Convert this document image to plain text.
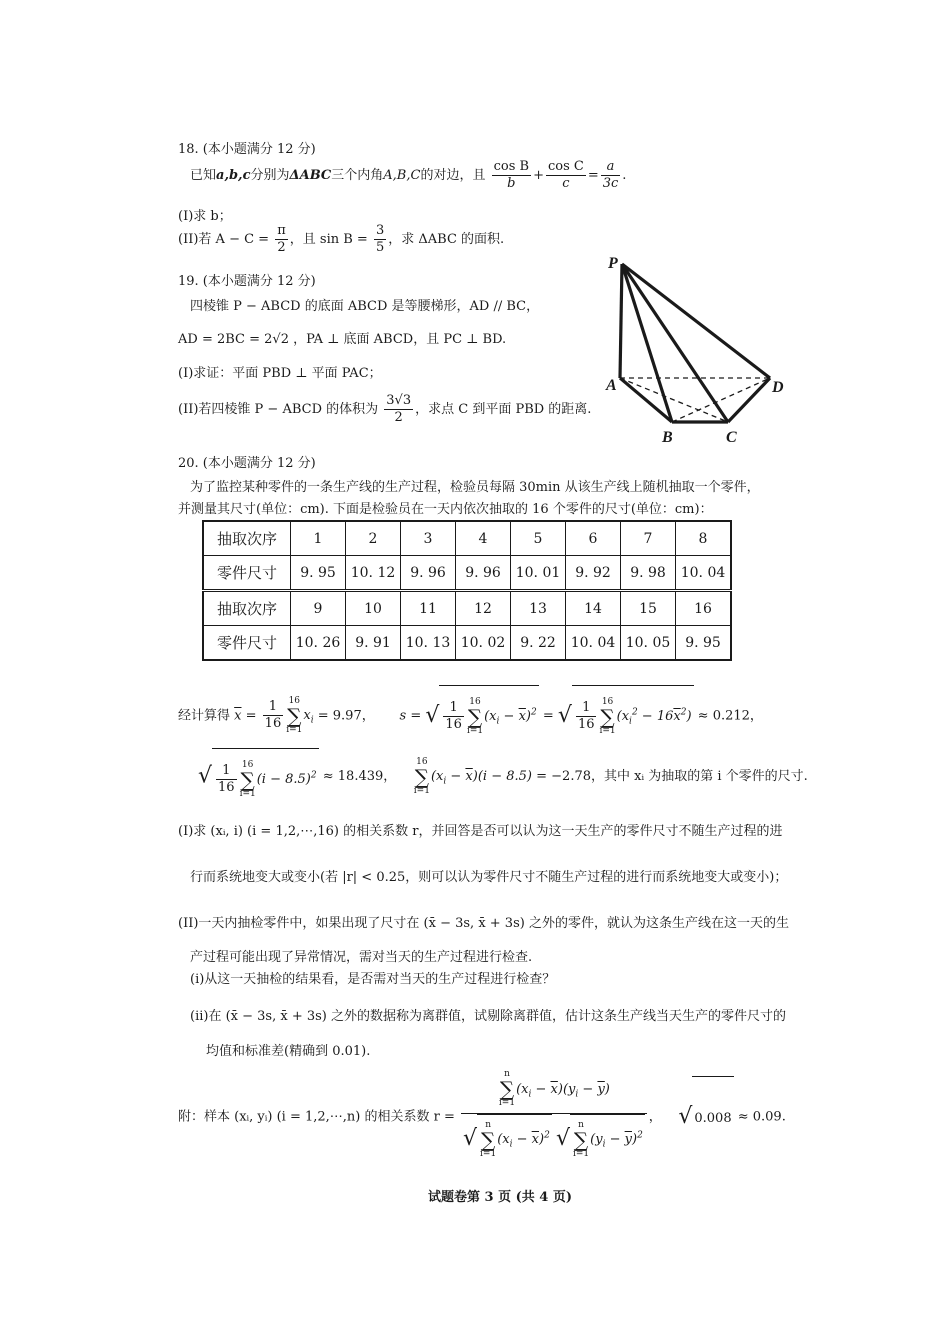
18. (本小题满分 12 分)
已知a,b,c分别为ΔABC三个内角A,B,C的对边，且 $\frac{\text{cos B}}{b} + \frac{\text{cos C}}{c} = \frac{a}{3c}$ .
(I)求 b；
(II)若 $A - C = \frac{\pi}{2}$ ，且 $\sin B = \frac{3}{5}$ ，求 ΔABC 的面积.
19. (本小题满分 12 分)
四棱锥 P − ABCD 的底面 ABCD 是等腰梯形，AD // BC，
AD = 2BC = 2√2 ，PA ⊥ 底面 ABCD，且 PC ⊥ BD.
(I)求证：平面 PBD ⊥ 平面 PAC；
(II)若四棱锥 P − ABCD 的体积为 $\frac{3√3}{2}$ ，求点 C 到平面 PBD 的距离.
P
A
B	C
D
20. (本小题满分 12 分)
为了监控某种零件的一条生产线的生产过程，检验员每隔 30min 从该生产线上随机抽取一个零件，
并测量其尺寸(单位：cm). 下面是检验员在一天内依次抽取的 16 个零件的尺寸(单位：cm)：
抽取次序	1	2	3	4	5	6	7	8
零件尺寸	9. 95	10. 12	9. 96	9. 96	10. 01	9. 92	9. 98	10. 04
抽取次序	9	10	11	12	13	14	15	16
零件尺寸	10. 26	9. 91	10. 13	10. 02	9. 22	10. 04	10. 05	9. 95
经计算得 $\overline{x} = \frac{1}{16} 16$
∑
$i=1x_i = 9.97$， s = √ $\frac{1}{16} 16$
∑
$i=1(x_i - \overline{x})^2$ = √ $\frac{1}{16} 16$
∑
$i=1(x_i^2 - 16\overline{x}^2) \approx 0.212$，
√ $\frac{1}{16} 16$
∑
$i=1(i - 8.5)^2 \approx 18.439$，    16
∑
$i=1(x_i - \overline{x})(i - 8.5) = -2.78$，其中 xᵢ 为抽取的第 i 个零件的尺寸.
(I)求 (xᵢ, i) (i = 1,2,⋯,16) 的相关系数 r，并回答是否可以认为这一天生产的零件尺寸不随生产过程的进
行而系统地变大或变小(若 |r| < 0.25，则可以认为零件尺寸不随生产过程的进行而系统地变大或变小)；
(II)一天内抽检零件中，如果出现了尺寸在 (x̄ − 3s, x̄ + 3s) 之外的零件，就认为这条生产线在这一天的生
产过程可能出现了异常情况，需对当天的生产过程进行检查.
(i)从这一天抽检的结果看，是否需对当天的生产过程进行检查？
(ii)在 (x̄ − 3s, x̄ + 3s) 之外的数据称为离群值，试剔除离群值，估计这条生产线当天生产的零件尺寸的
均值和标准差(精确到 0.01).
附：样本 (xᵢ, yᵢ) (i = 1,2,⋯,n) 的相关系数 r = n
∑
$i=1(x_i - \overline{x})(y_i - \overline{y})$
√n
∑
$i=1(x_i - \overline{x})^2$ √n
∑
$i=1(y_i - \overline{y})^2$ ， √ 0.008 ≈ 0.09.
试题卷第 3 页 (共 4 页)
